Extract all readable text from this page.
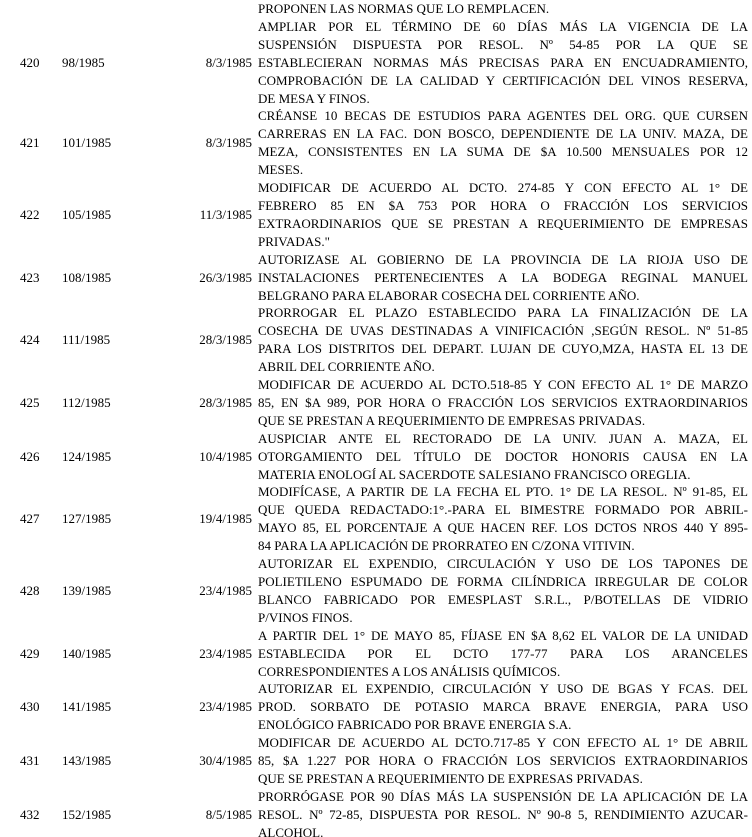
			PROPONEN LAS NORMAS QUE LO REMPLACEN.

420	98/1985	8/3/1985	AMPLIAR POR EL TÉRMINO DE 60 DÍAS MÁS LA VIGENCIA DE LA
SUSPENSIÓN DISPUESTA POR RESOL. Nº 54-85 POR LA QUE SE
ESTABLECIERAN NORMAS MÁS PRECISAS PARA EN ENCUADRAMIENTO,
COMPROBACIÓN DE LA CALIDAD Y CERTIFICACIÓN DEL VINOS RESERVA,
DE MESA Y FINOS.

421	101/1985	8/3/1985	CRÉANSE 10 BECAS DE ESTUDIOS PARA AGENTES DEL ORG. QUE CURSEN
CARRERAS EN LA FAC. DON BOSCO, DEPENDIENTE DE LA UNIV. MAZA, DE
MEZA, CONSISTENTES EN LA SUMA DE $A 10.500 MENSUALES POR 12
MESES.

422	105/1985	11/3/1985	MODIFICAR DE ACUERDO AL DCTO. 274-85 Y CON EFECTO AL 1° DE
FEBRERO 85 EN $A 753 POR HORA O FRACCIÓN LOS SERVICIOS
EXTRAORDINARIOS QUE SE PRESTAN A REQUERIMIENTO DE EMPRESAS
PRIVADAS."

423	108/1985	26/3/1985	AUTORIZASE AL GOBIERNO DE LA PROVINCIA DE LA RIOJA USO DE
INSTALACIONES PERTENECIENTES A LA BODEGA REGINAL MANUEL
BELGRANO PARA ELABORAR COSECHA DEL CORRIENTE AÑO.

424	111/1985	28/3/1985	PRORROGAR EL PLAZO ESTABLECIDO PARA LA FINALIZACIÓN DE LA
COSECHA DE UVAS DESTINADAS A VINIFICACIÓN ,SEGÚN RESOL. Nº 51-85
PARA LOS DISTRITOS DEL DEPART. LUJAN DE CUYO,MZA, HASTA EL 13 DE
ABRIL DEL CORRIENTE AÑO.

425	112/1985	28/3/1985	MODIFICAR DE ACUERDO AL DCTO.518-85 Y CON EFECTO AL 1° DE MARZO
85, EN $A 989, POR HORA O FRACCIÓN LOS SERVICIOS EXTRAORDINARIOS
QUE SE PRESTAN A REQUERIMIENTO DE EMPRESAS PRIVADAS.

426	124/1985	10/4/1985	AUSPICIAR ANTE EL RECTORADO DE LA UNIV. JUAN A. MAZA, EL
OTORGAMIENTO DEL TÍTULO DE DOCTOR HONORIS CAUSA EN LA
MATERIA ENOLOGÍ AL SACERDOTE SALESIANO FRANCISCO OREGLIA.

427	127/1985	19/4/1985	MODIFÍCASE, A PARTIR DE LA FECHA EL PTO. 1° DE LA RESOL. Nº 91-85, EL
QUE QUEDA REDACTADO:1°.-PARA EL BIMESTRE FORMADO POR ABRIL-
MAYO 85, EL PORCENTAJE A QUE HACEN REF. LOS DCTOS NROS 440 Y 895-
84 PARA LA APLICACIÓN DE PRORRATEO EN C/ZONA VITIVIN.

428	139/1985	23/4/1985	AUTORIZAR EL EXPENDIO, CIRCULACIÓN Y USO DE LOS TAPONES DE
POLIETILENO ESPUMADO DE FORMA CILÍNDRICA IRREGULAR DE COLOR
BLANCO FABRICADO POR EMESPLAST S.R.L., P/BOTELLAS DE VIDRIO
P/VINOS FINOS.

429	140/1985	23/4/1985	A PARTIR DEL 1° DE MAYO 85, FÍJASE EN $A 8,62 EL VALOR DE LA UNIDAD
ESTABLECIDA POR EL DCTO 177-77 PARA LOS ARANCELES
CORRESPONDIENTES A LOS ANÁLISIS QUÍMICOS.

430	141/1985	23/4/1985	AUTORIZAR EL EXPENDIO, CIRCULACIÓN Y USO DE BGAS Y FCAS. DEL
PROD. SORBATO DE POTASIO MARCA BRAVE ENERGIA, PARA USO
ENOLÓGICO FABRICADO POR BRAVE ENERGIA S.A.

431	143/1985	30/4/1985	MODIFICAR DE ACUERDO AL DCTO.717-85 Y CON EFECTO AL 1° DE ABRIL
85, $A 1.227 POR HORA O FRACCIÓN LOS SERVICIOS EXTRAORDINARIOS
QUE SE PRESTAN A REQUERIMIENTO DE EXPRESAS PRIVADAS.

432	152/1985	8/5/1985	PRORRÓGASE POR 90 DÍAS MÁS LA SUSPENSIÓN DE LA APLICACIÓN DE LA
RESOL. Nº 72-85, DISPUESTA POR RESOL. Nº 90-8 5, RENDIMIENTO AZUCAR-
ALCOHOL.
